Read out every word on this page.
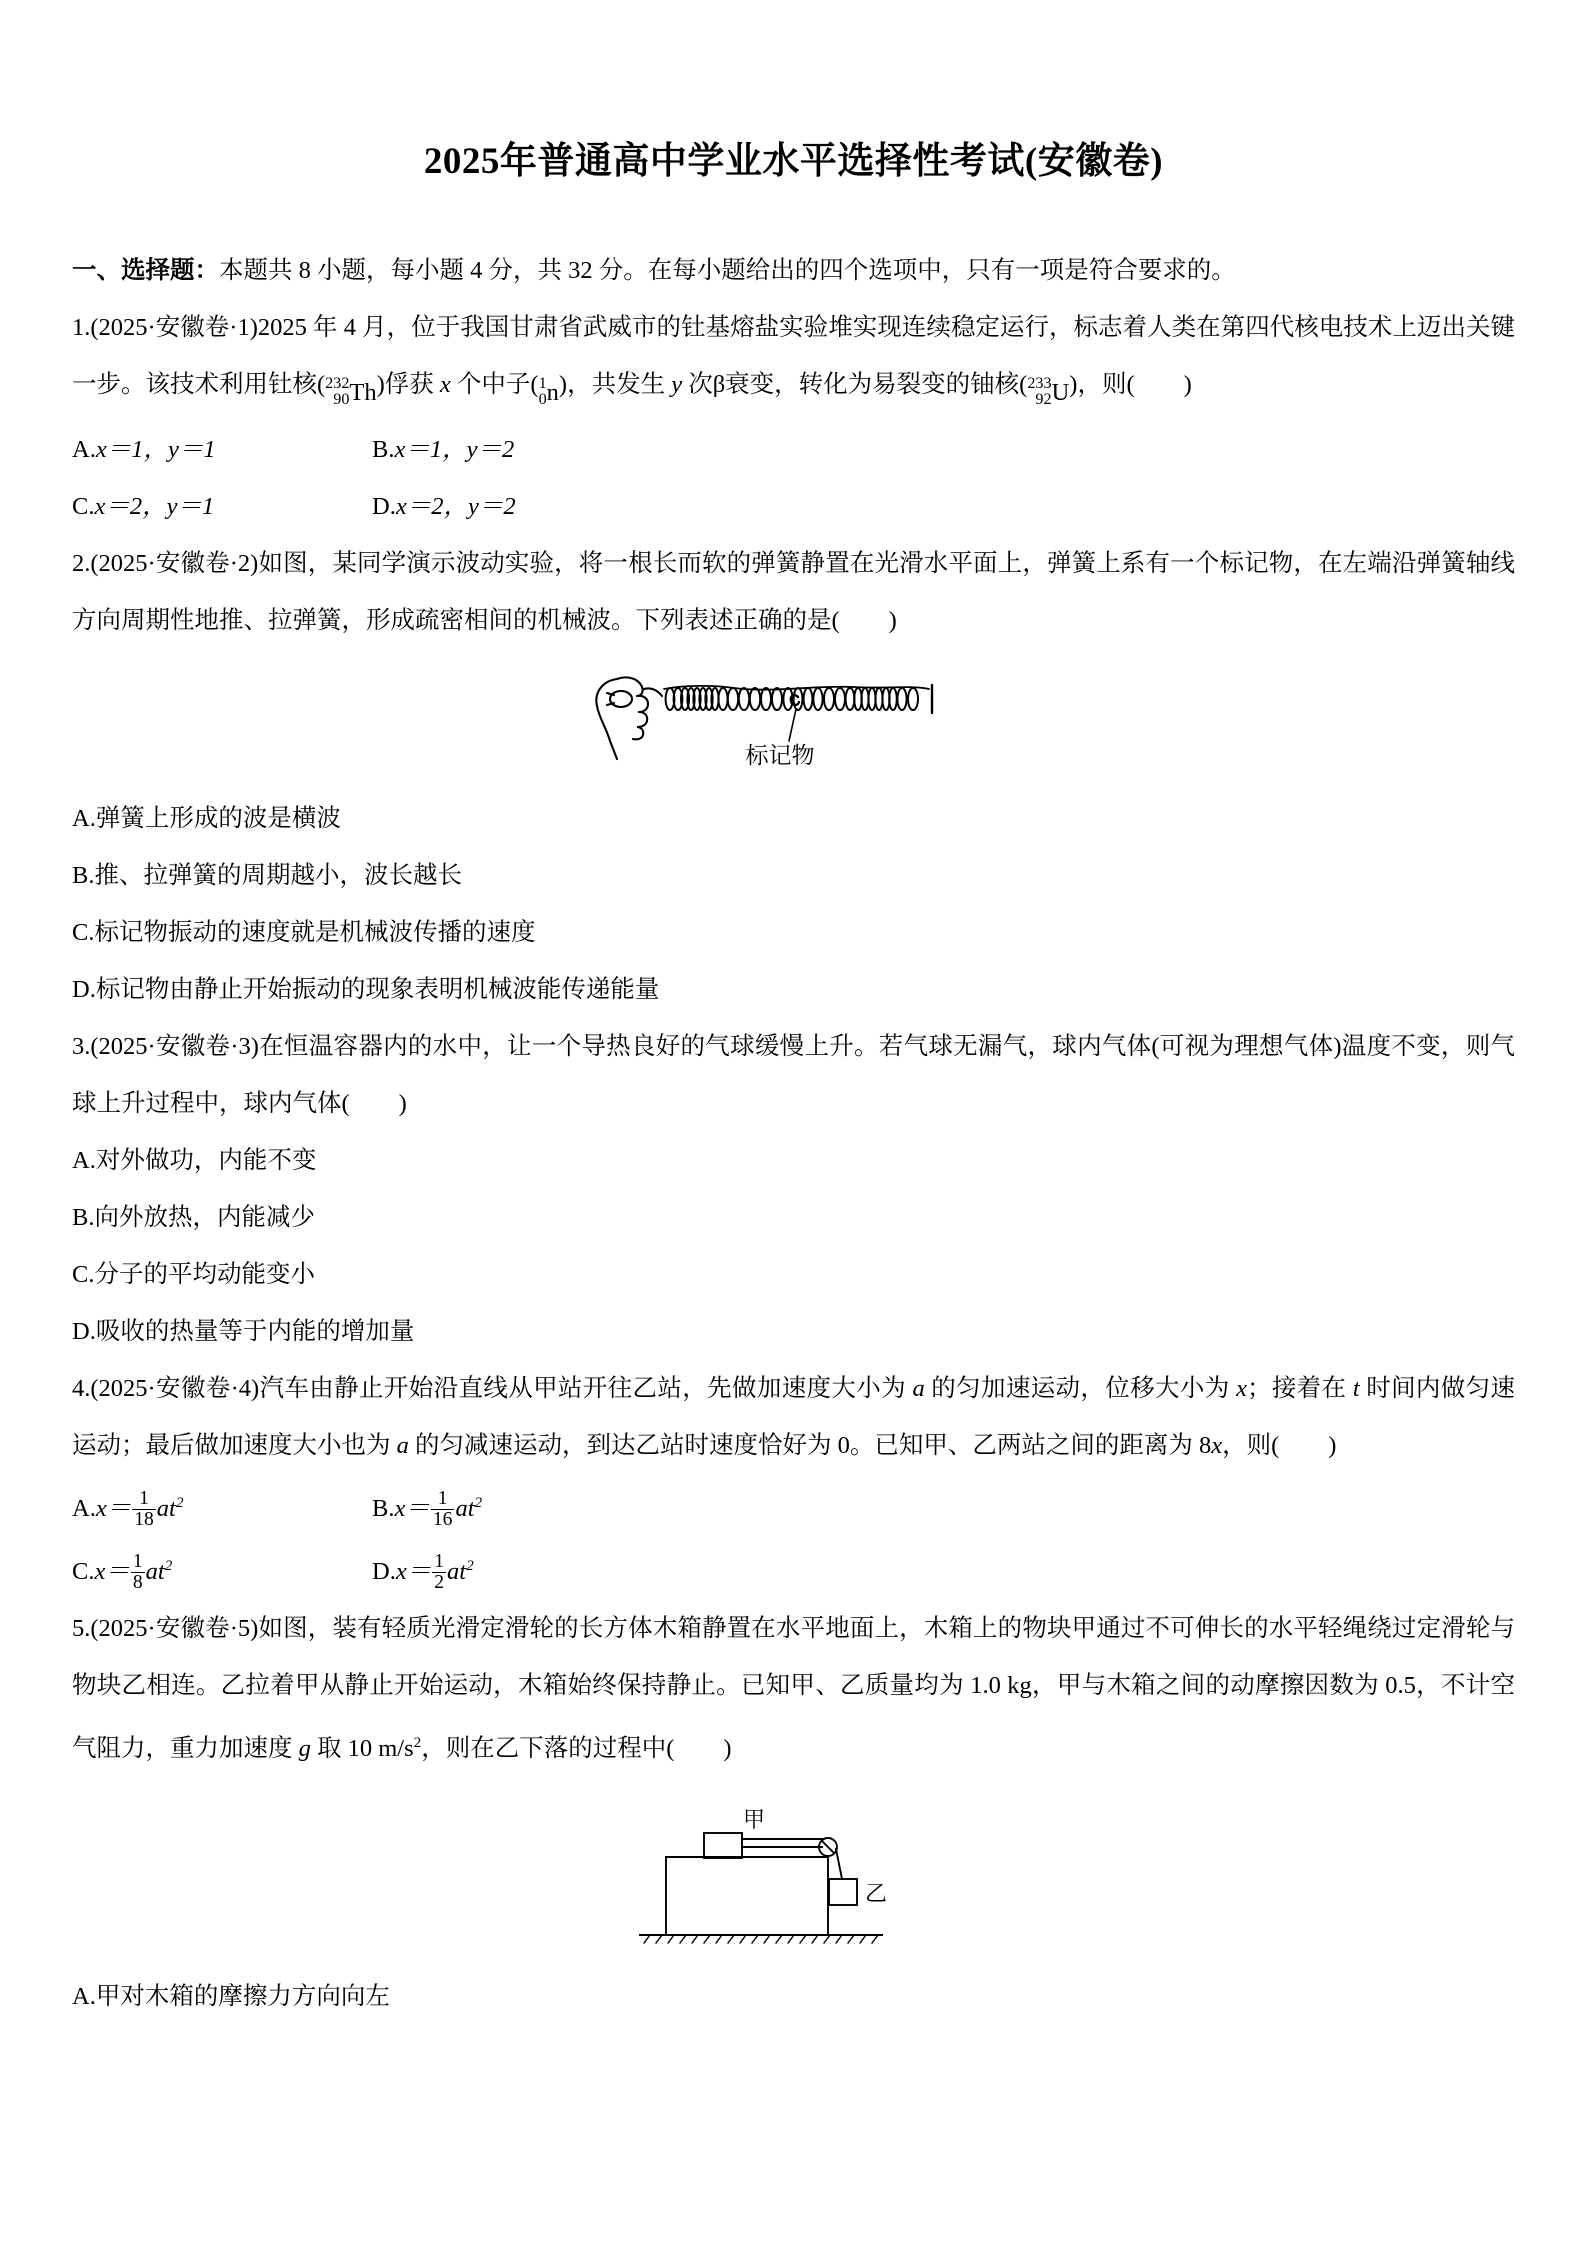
2025年普通高中学业水平选择性考试(安徽卷)

一、选择题：本题共 8 小题，每小题 4 分，共 32 分。在每小题给出的四个选项中，只有一项是符合要求的。

1.(2025·安徽卷·1)2025 年 4 月，位于我国甘肃省武威市的钍基熔盐实验堆实现连续稳定运行，标志着人类在第四代核电技术上迈出关键一步。该技术利用钍核( 232
90 Th)俘获 x 个中子( 1
0 n)，共发生 y 次β衰变，转化为易裂变的铀核( 233
92 U)，则(　　)

A.x＝1，y＝1	B.x＝1，y＝2
C.x＝2，y＝1	D.x＝2，y＝2

2.(2025·安徽卷·2)如图，某同学演示波动实验，将一根长而软的弹簧静置在光滑水平面上，弹簧上系有一个标记物，在左端沿弹簧轴线方向周期性地推、拉弹簧，形成疏密相间的机械波。下列表述正确的是(　　)

标记物

A.弹簧上形成的波是横波

B.推、拉弹簧的周期越小，波长越长

C.标记物振动的速度就是机械波传播的速度

D.标记物由静止开始振动的现象表明机械波能传递能量

3.(2025·安徽卷·3)在恒温容器内的水中，让一个导热良好的气球缓慢上升。若气球无漏气，球内气体(可视为理想气体)温度不变，则气球上升过程中，球内气体(　　)

A.对外做功，内能不变

B.向外放热，内能减少

C.分子的平均动能变小

D.吸收的热量等于内能的增加量

4.(2025·安徽卷·4)汽车由静止开始沿直线从甲站开往乙站，先做加速度大小为 a 的匀加速运动，位移大小为 x；接着在 t 时间内做匀速运动；最后做加速度大小也为 a 的匀减速运动，到达乙站时速度恰好为 0。已知甲、乙两站之间的距离为 8x，则(　　)

$A.x= \frac{1}{18} at^2$	$B.x= \frac{1}{16} at^2$
$C.x= \frac{1}{8} at^2$	$D.x= \frac{1}{2} at^2$

5.(2025·安徽卷·5)如图，装有轻质光滑定滑轮的长方体木箱静置在水平地面上，木箱上的物块甲通过不可伸长的水平轻绳绕过定滑轮与物块乙相连。乙拉着甲从静止开始运动，木箱始终保持静止。已知甲、乙质量均为 1.0 kg，甲与木箱之间的动摩擦因数为 0.5，不计空气阻力，重力加速度 g 取 10 $m/s^2$，则在乙下落的过程中(　　)

甲
乙

A.甲对木箱的摩擦力方向向左
